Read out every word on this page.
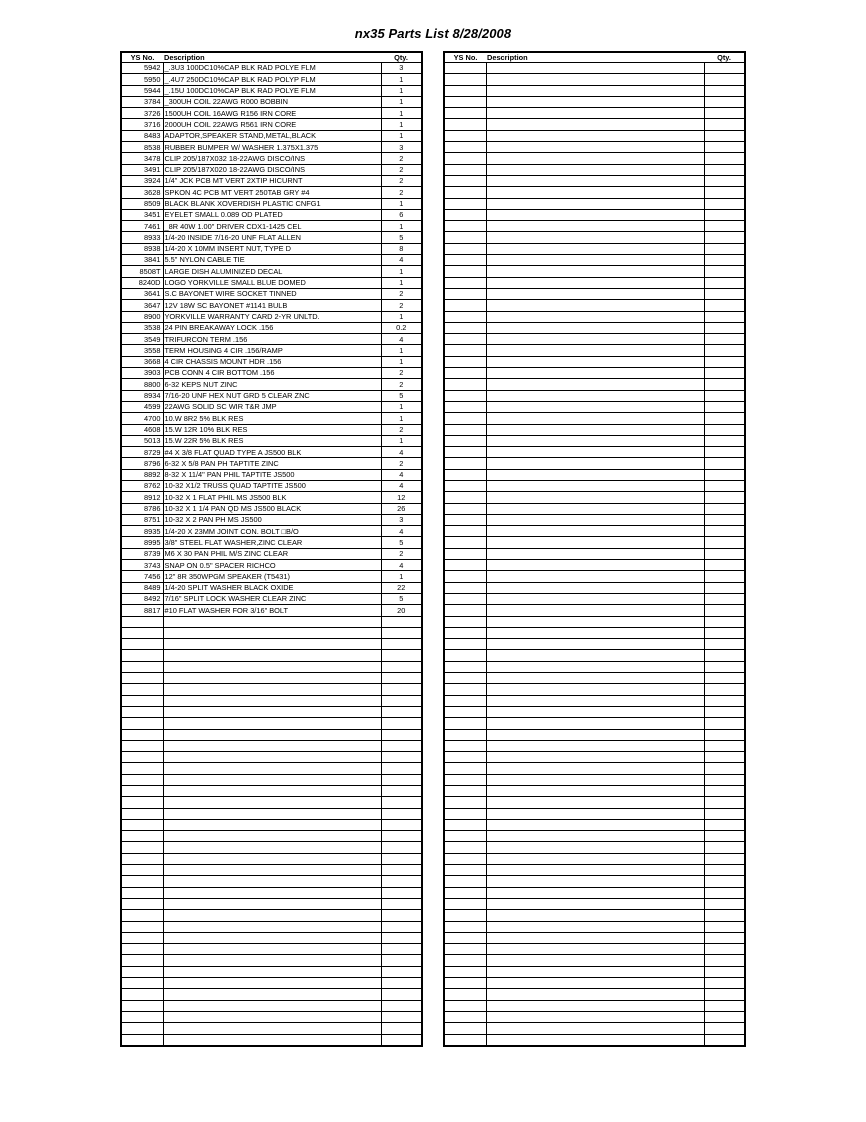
nx35 Parts List 8/28/2008
YS No.	Description	Qty.
5942	_.3U3 100DC10%CAP BLK RAD POLYE FLM	3
5950	_.4U7 250DC10%CAP BLK RAD POLYP FLM	1
5944	_.15U 100DC10%CAP BLK RAD POLYE FLM	1
3784	_300UH COIL 22AWG R000 BOBBIN	1
3726	1500UH COIL 16AWG R156 IRN CORE	1
3716	2000UH COIL 22AWG R561 IRN CORE	1
8483	ADAPTOR,SPEAKER STAND,METAL,BLACK	1
8538	RUBBER BUMPER W/ WASHER 1.375X1.375	3
3478	CLIP 205/187X032 18-22AWG DISCO/INS	2
3491	CLIP 205/187X020 18-22AWG DISCO/INS	2
3924	1/4" JCK PCB MT VERT 2XTIP HICURNT	2
3628	SPKON 4C PCB MT VERT 250TAB GRY #4	2
8509	BLACK BLANK XOVERDISH PLASTIC CNFG1	1
3451	EYELET SMALL 0.089 OD PLATED	6
7461	_8R 40W 1.00" DRIVER CDX1-1425 CEL	1
8933	1/4-20 INSIDE 7/16-20 UNF FLAT ALLEN	5
8938	1/4-20 X 10MM INSERT NUT, TYPE D	8
3841	5.5" NYLON CABLE TIE	4
8508T	LARGE DISH ALUMINIZED DECAL	1
8240D	LOGO YORKVILLE SMALL BLUE DOMED	1
3641	S.C BAYONET WIRE SOCKET TINNED	2
3647	12V 18W SC BAYONET #1141 BULB	2
8900	YORKVILLE WARRANTY CARD 2-YR UNLTD.	1
3538	24 PIN BREAKAWAY LOCK .156	0.2
3549	TRIFURCON TERM .156	4
3558	TERM HOUSING 4 CIR .156/RAMP	1
3668	4 CIR CHASSIS MOUNT HDR .156	1
3903	PCB CONN 4 CIR BOTTOM .156	2
8800	6-32 KEPS NUT ZINC	2
8934	7/16-20 UNF HEX NUT GRD 5 CLEAR ZNC	5
4599	22AWG SOLID SC WIR T&R JMP	1
4700	10.W 8R2 5% BLK RES	1
4608	15.W 12R 10% BLK RES	2
5013	15.W 22R 5% BLK RES	1
8729	#4 X 3/8 FLAT QUAD TYPE A JS500 BLK	4
8796	6-32 X 5/8 PAN PH TAPTITE ZINC	2
8892	8-32 X 11/4" PAN PHIL TAPTITE JS500	4
8762	10-32 X1/2 TRUSS QUAD TAPTITE JS500	4
8912	10-32 X 1 FLAT PHIL MS JS500 BLK	12
8786	10-32 X 1 1/4 PAN QD MS JS500 BLACK	26
8751	10-32 X 2 PAN PH MS JS500	3
8935	1/4-20 X 23MM JOINT CON. BOLT □B/O	4
8995	3/8" STEEL FLAT WASHER,ZINC CLEAR	5
8739	M6 X 30 PAN PHIL M/S ZINC CLEAR	2
3743	SNAP ON 0.5" SPACER RICHCO	4
7456	12" 8R 350WPGM SPEAKER (T5431)	1
8489	1/4-20 SPLIT WASHER BLACK OXIDE	22
8492	7/16" SPLIT LOCK WASHER CLEAR ZINC	5
8817	#10 FLAT WASHER FOR 3/16" BOLT	20

YS No.	Description	Qty.
